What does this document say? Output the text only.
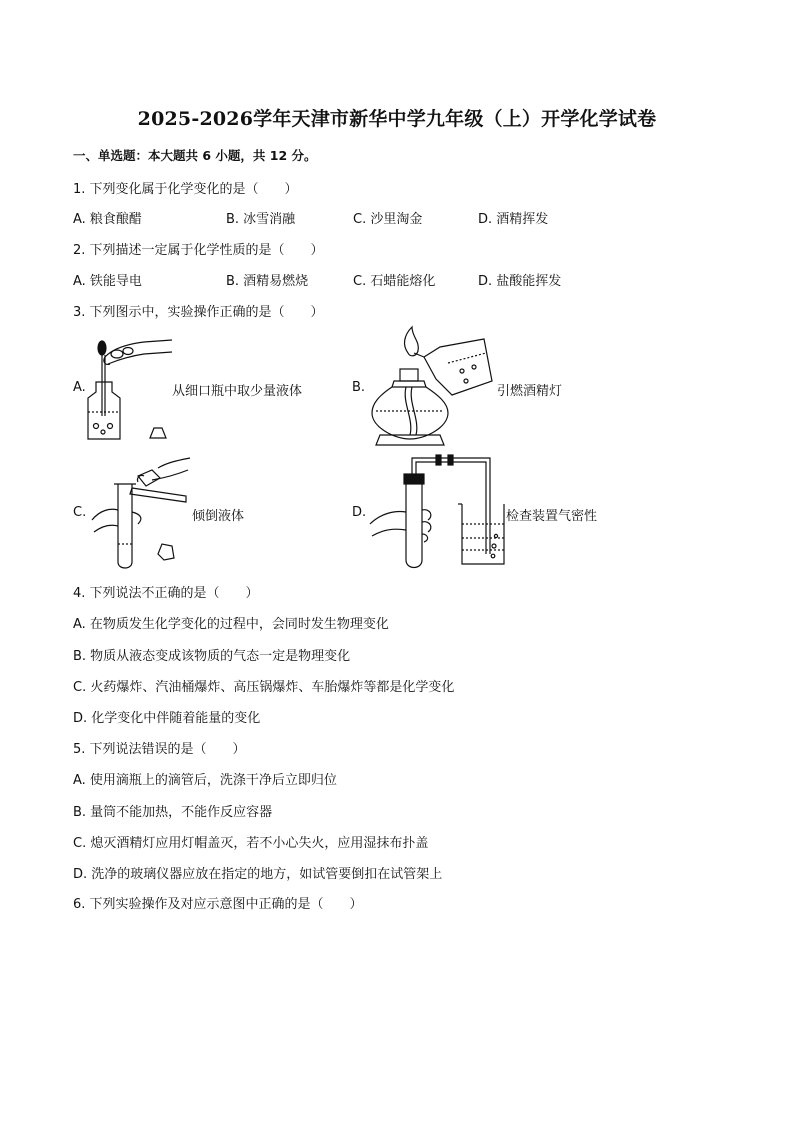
2025-2026学年天津市新华中学九年级（上）开学化学试卷
一、单选题：本大题共 6 小题，共 12 分。
1. 下列变化属于化学变化的是（　　）
A. 粮食酿醋	B. 冰雪消融	C. 沙里淘金	D. 酒精挥发
2. 下列描述一定属于化学性质的是（　　）
A. 铁能导电	B. 酒精易燃烧	C. 石蜡能熔化	D. 盐酸能挥发
3. 下列图示中，实验操作正确的是（　　）
A.	从细口瓶中取少量液体	B.	引燃酒精灯
C.	倾倒液体	D.	检查装置气密性
4. 下列说法不正确的是（　　）
A. 在物质发生化学变化的过程中，会同时发生物理变化
B. 物质从液态变成该物质的气态一定是物理变化
C. 火药爆炸、汽油桶爆炸、高压锅爆炸、车胎爆炸等都是化学变化
D. 化学变化中伴随着能量的变化
5. 下列说法错误的是（　　）
A. 使用滴瓶上的滴管后，洗涤干净后立即归位
B. 量筒不能加热，不能作反应容器
C. 熄灭酒精灯应用灯帽盖灭，若不小心失火，应用湿抹布扑盖
D. 洗净的玻璃仪器应放在指定的地方，如试管要倒扣在试管架上
6. 下列实验操作及对应示意图中正确的是（　　）
